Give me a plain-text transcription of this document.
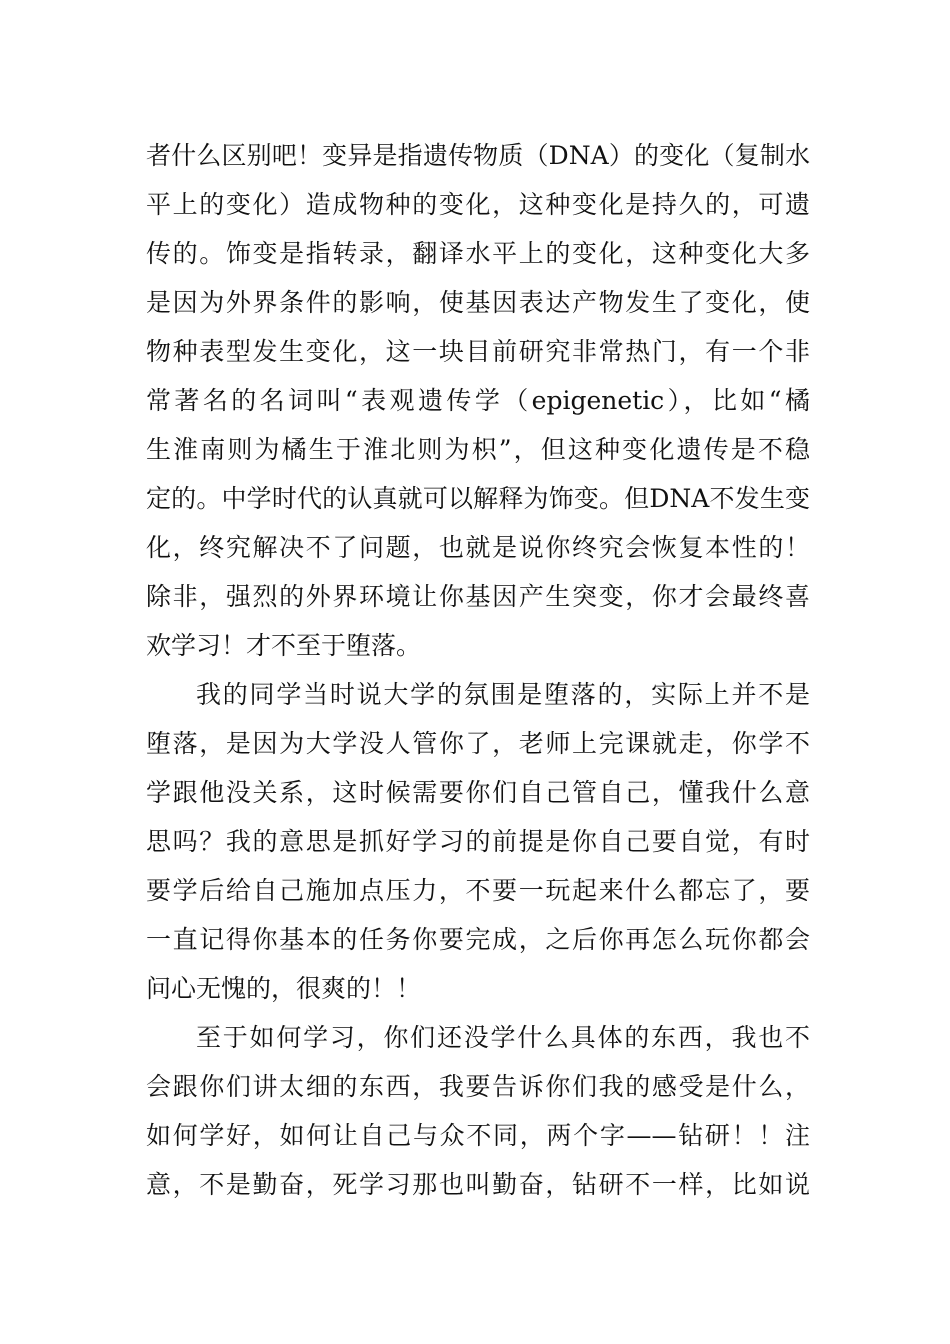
者什么区别吧！变异是指遗传物质（DNA）的变化（复制水
平上的变化）造成物种的变化，这种变化是持久的，可遗
传的。饰变是指转录，翻译水平上的变化，这种变化大多
是因为外界条件的影响，使基因表达产物发生了变化，使
物种表型发生变化，这一块目前研究非常热门，有一个非
常著名的名词叫“表观遗传学（epigenetic），比如“橘
生淮南则为橘生于淮北则为枳”，但这种变化遗传是不稳
定的。中学时代的认真就可以解释为饰变。但DNA不发生变
化，终究解决不了问题，也就是说你终究会恢复本性的！
除非，强烈的外界环境让你基因产生突变，你才会最终喜
欢学习！才不至于堕落。
我的同学当时说大学的氛围是堕落的，实际上并不是
堕落，是因为大学没人管你了，老师上完课就走，你学不
学跟他没关系，这时候需要你们自己管自己，懂我什么意
思吗？我的意思是抓好学习的前提是你自己要自觉，有时
要学后给自己施加点压力，不要一玩起来什么都忘了，要
一直记得你基本的任务你要完成，之后你再怎么玩你都会
问心无愧的，很爽的！！
至于如何学习，你们还没学什么具体的东西，我也不
会跟你们讲太细的东西，我要告诉你们我的感受是什么，
如何学好，如何让自己与众不同，两个字——钻研！！注
意，不是勤奋，死学习那也叫勤奋，钻研不一样，比如说
